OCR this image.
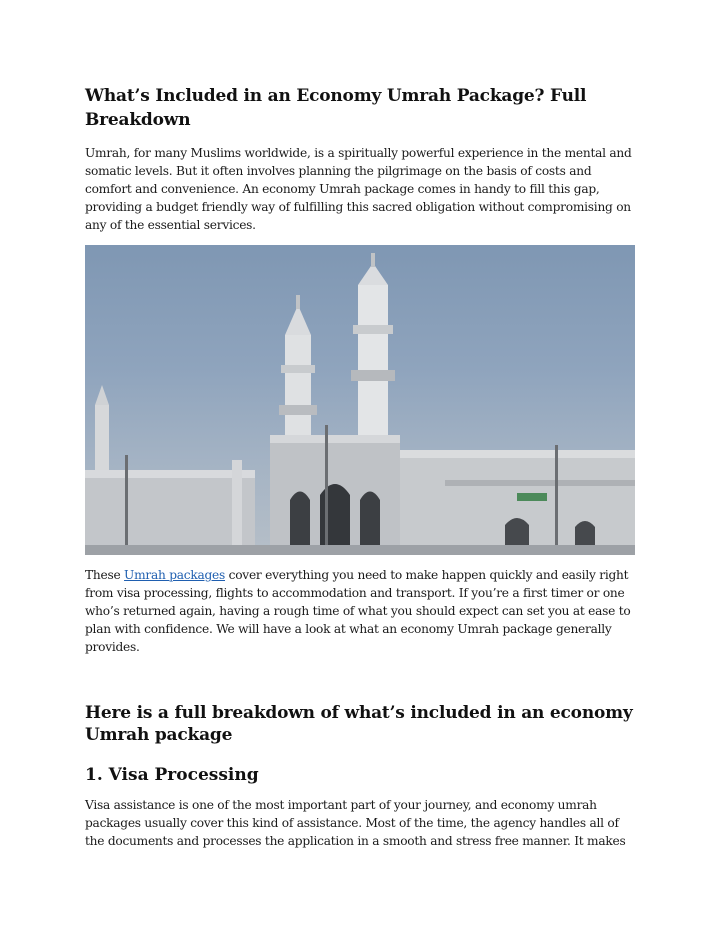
What’s Included in an Economy Umrah Package? Full Breakdown

Umrah, for many Muslims worldwide, is a spiritually powerful experience in the mental and somatic levels. But it often involves planning the pilgrimage on the basis of costs and comfort and convenience. An economy Umrah package comes in handy to fill this gap, providing a budget friendly way of fulfilling this sacred obligation without compromising on any of the essential services.

These Umrah packages cover everything you need to make happen quickly and easily right from visa processing, flights to accommodation and transport. If you’re a first timer or one who’s returned again, having a rough time of what you should expect can set you at ease to plan with confidence. We will have a look at what an economy Umrah package generally provides.

Here is a full breakdown of what’s included in an economy Umrah package
1. Visa Processing

Visa assistance is one of the most important part of your journey, and economy umrah packages usually cover this kind of assistance. Most of the time, the agency handles all of the documents and processes the application in a smooth and stress free manner. It makes
